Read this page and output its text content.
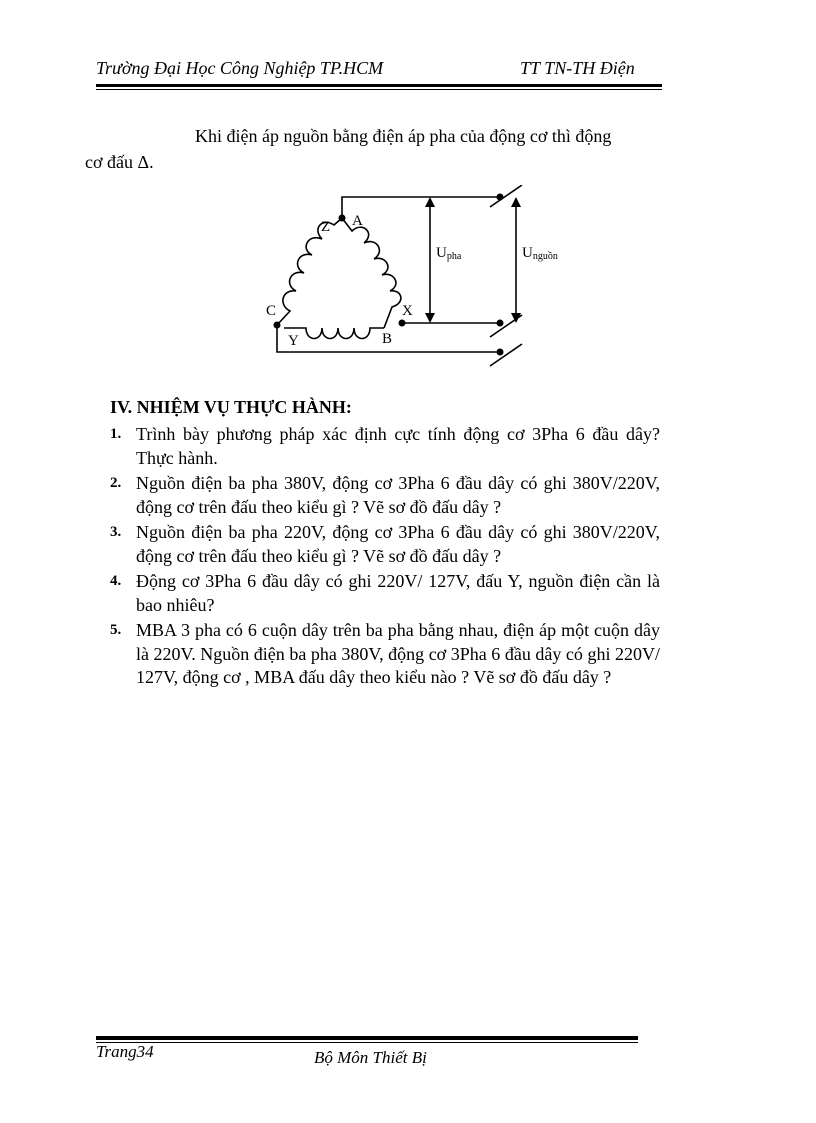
Trường Đại Học Công Nghiệp TP.HCM	TT TN-TH Điện
Khi điện áp nguồn bằng điện áp pha của động cơ thì động
cơ đấu Δ.
Z A
C	X
Y	B
Upha	Unguồn
IV. NHIỆM VỤ THỰC HÀNH:
1. Trình bày phương pháp xác định cực tính động cơ 3Pha 6 đầu dây? Thực hành.
2. Nguồn điện ba pha 380V, động cơ 3Pha 6 đầu dây có ghi 380V/220V, động cơ trên đấu theo kiểu gì ? Vẽ sơ đồ đấu dây ?
3. Nguồn điện ba pha 220V, động cơ 3Pha 6 đầu dây có ghi 380V/220V, động cơ trên đấu theo kiểu gì ? Vẽ sơ đồ đấu dây ?
4. Động cơ 3Pha 6 đầu dây có ghi 220V/ 127V, đấu Y, nguồn điện cần là bao nhiêu?
5. MBA 3 pha có 6 cuộn dây trên ba pha bằng nhau, điện áp một cuộn dây là 220V. Nguồn điện ba pha 380V, động cơ 3Pha 6 đầu dây có ghi 220V/ 127V, động cơ , MBA đấu dây theo kiểu nào ? Vẽ sơ đồ đấu dây ?
Trang34	Bộ Môn Thiết Bị
